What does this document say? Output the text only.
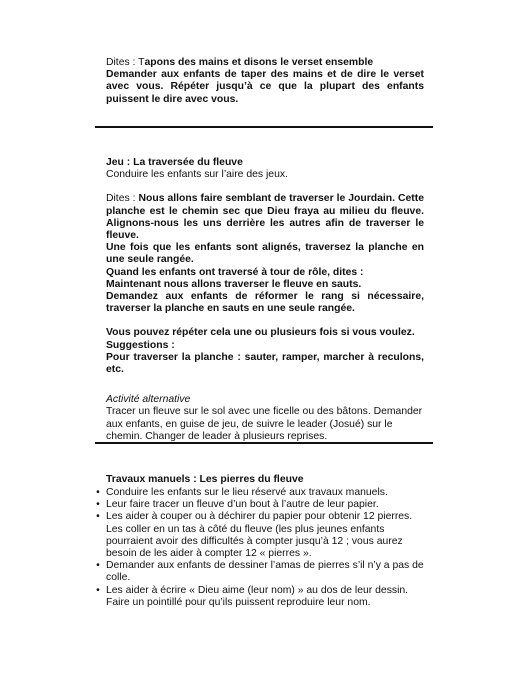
Dites : Tapons des mains et disons le verset ensemble

Demander aux enfants de taper des mains et de dire le verset avec vous. Répéter jusqu’à ce que la plupart des enfants puissent le dire avec vous.

Jeu : La traversée du fleuve

Conduire les enfants sur l’aire des jeux.

Dites : Nous allons faire semblant de traverser le Jourdain. Cette planche est le chemin sec que Dieu fraya au milieu du fleuve. Alignons-nous les uns derrière les autres afin de traverser le fleuve.

Une fois que les enfants sont alignés, traversez la planche en une seule rangée.

Quand les enfants ont traversé à tour de rôle, dites :

Maintenant nous allons traverser le fleuve en sauts.

Demandez aux enfants de réformer le rang si nécessaire, traverser la planche en sauts en une seule rangée.

Vous pouvez répéter cela une ou plusieurs fois si vous voulez.

Suggestions :

Pour traverser la planche : sauter, ramper, marcher à reculons, etc.

Activité alternative

Tracer un fleuve sur le sol avec une ficelle ou des bâtons. Demander aux enfants, en guise de jeu, de suivre le leader (Josué) sur le chemin. Changer de leader à plusieurs reprises.

Travaux manuels : Les pierres du fleuve

• Conduire les enfants sur le lieu réservé aux travaux manuels.
• Leur faire tracer un fleuve d’un bout à l’autre de leur papier.
• Les aider à couper ou à déchirer du papier pour obtenir 12 pierres. Les coller en un tas à côté du fleuve (les plus jeunes enfants pourraient avoir des difficultés à compter jusqu’à 12 ; vous aurez besoin de les aider à compter 12 « pierres ».
• Demander aux enfants de dessiner l’amas de pierres s’il n’y a pas de colle.
• Les aider à écrire « Dieu aime (leur nom) » au dos de leur dessin. Faire un pointillé pour qu’ils puissent reproduire leur nom.
